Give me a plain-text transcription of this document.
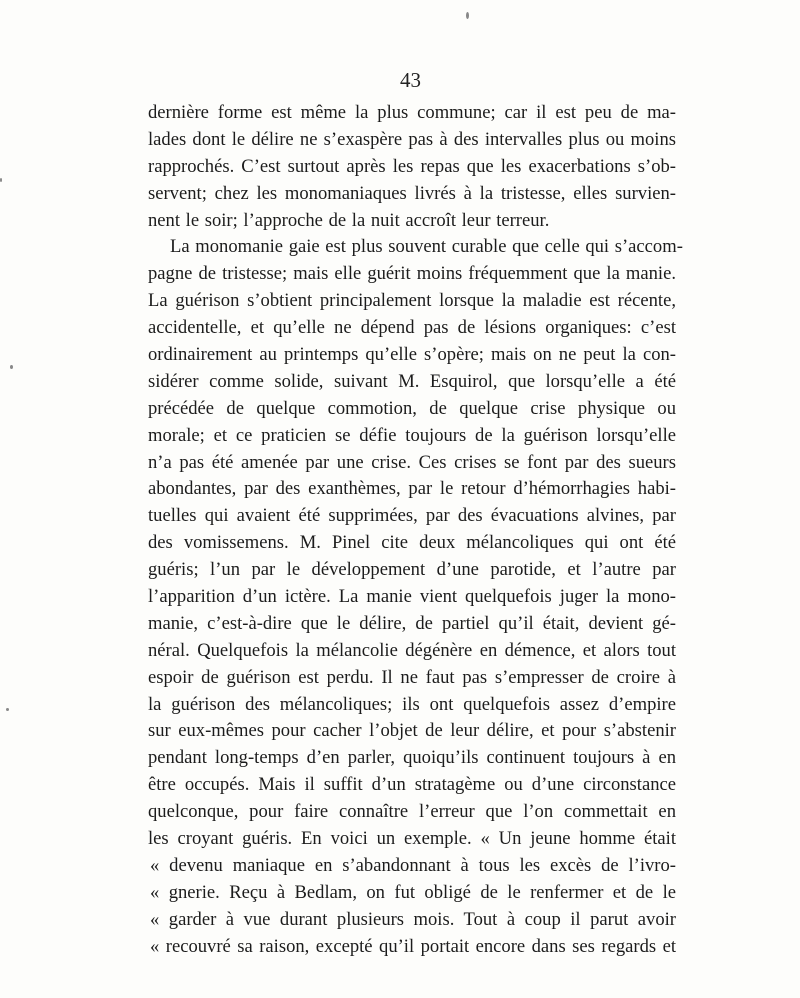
43
dernière forme est même la plus commune; car il est peu de ma-
lades dont le délire ne s’exaspère pas à des intervalles plus ou moins
rapprochés. C’est surtout après les repas que les exacerbations s’ob-
servent; chez les monomaniaques livrés à la tristesse, elles survien-
nent le soir; l’approche de la nuit accroît leur terreur.
La monomanie gaie est plus souvent curable que celle qui s’accom-
pagne de tristesse; mais elle guérit moins fréquemment que la manie.
La guérison s’obtient principalement lorsque la maladie est récente,
accidentelle, et qu’elle ne dépend pas de lésions organiques: c’est
ordinairement au printemps qu’elle s’opère; mais on ne peut la con-
sidérer comme solide, suivant M. Esquirol, que lorsqu’elle a été
précédée de quelque commotion, de quelque crise physique ou
morale; et ce praticien se défie toujours de la guérison lorsqu’elle
n’a pas été amenée par une crise. Ces crises se font par des sueurs
abondantes, par des exanthèmes, par le retour d’hémorrhagies habi-
tuelles qui avaient été supprimées, par des évacuations alvines, par
des vomissemens. M. Pinel cite deux mélancoliques qui ont été
guéris; l’un par le développement d’une parotide, et l’autre par
l’apparition d’un ictère. La manie vient quelquefois juger la mono-
manie, c’est-à-dire que le délire, de partiel qu’il était, devient gé-
néral. Quelquefois la mélancolie dégénère en démence, et alors tout
espoir de guérison est perdu. Il ne faut pas s’empresser de croire à
la guérison des mélancoliques; ils ont quelquefois assez d’empire
sur eux-mêmes pour cacher l’objet de leur délire, et pour s’abstenir
pendant long-temps d’en parler, quoiqu’ils continuent toujours à en
être occupés. Mais il suffit d’un stratagème ou d’une circonstance
quelconque, pour faire connaître l’erreur que l’on commettait en
les croyant guéris. En voici un exemple. « Un jeune homme était
« devenu maniaque en s’abandonnant à tous les excès de l’ivro-
« gnerie. Reçu à Bedlam, on fut obligé de le renfermer et de le
« garder à vue durant plusieurs mois. Tout à coup il parut avoir
« recouvré sa raison, excepté qu’il portait encore dans ses regards et
